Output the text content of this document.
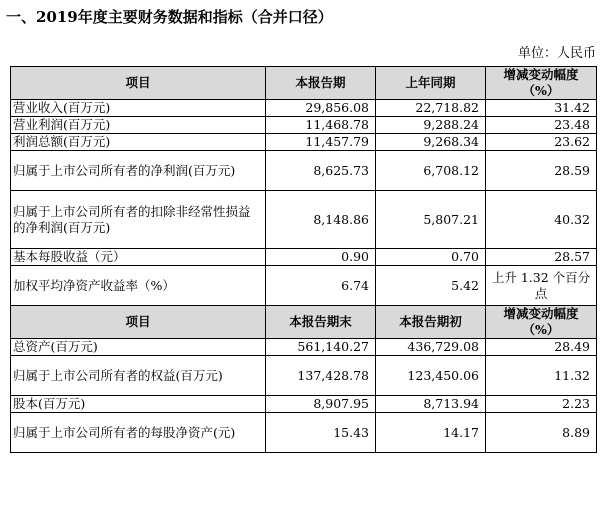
一、2019年度主要财务数据和指标（合并口径）
单位：人民币
项目	本报告期	上年同期	增减变动幅度（%）
营业收入(百万元)	29,856.08	22,718.82	31.42
营业利润(百万元)	11,468.78	9,288.24	23.48
利润总额(百万元)	11,457.79	9,268.34	23.62
归属于上市公司所有者的净利润(百万元)	8,625.73	6,708.12	28.59
归属于上市公司所有者的扣除非经常性损益的净利润(百万元)	8,148.86	5,807.21	40.32
基本每股收益（元）	0.90	0.70	28.57
加权平均净资产收益率（%）	6.74	5.42	上升 1.32 个百分点
项目	本报告期末	本报告期初	增减变动幅度（%）
总资产(百万元)	561,140.27	436,729.08	28.49
归属于上市公司所有者的权益(百万元)	137,428.78	123,450.06	11.32
股本(百万元)	8,907.95	8,713.94	2.23
归属于上市公司所有者的每股净资产(元)	15.43	14.17	8.89
